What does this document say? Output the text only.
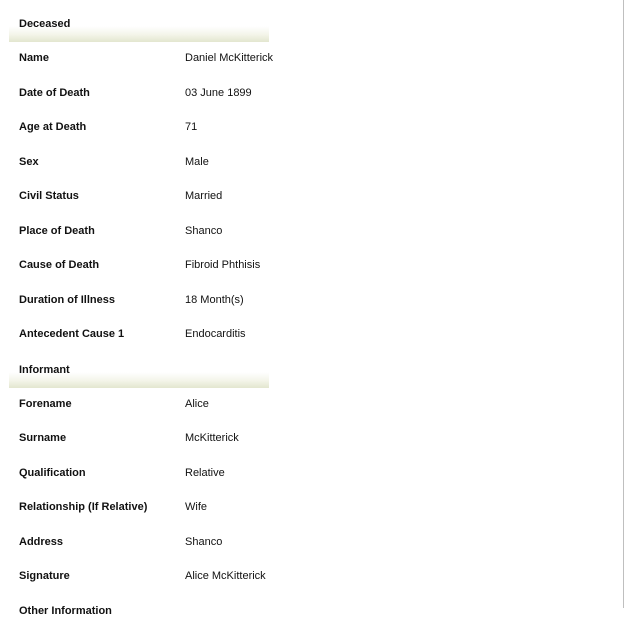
Deceased
Name	Daniel McKitterick
Date of Death	03 June 1899
Age at Death	71
Sex	Male
Civil Status	Married
Place of Death	Shanco
Cause of Death	Fibroid Phthisis
Duration of Illness	18 Month(s)
Antecedent Cause 1	Endocarditis
Informant
Forename	Alice
Surname	McKitterick
Qualification	Relative
Relationship (If Relative)	Wife
Address	Shanco
Signature	Alice McKitterick
Other Information
